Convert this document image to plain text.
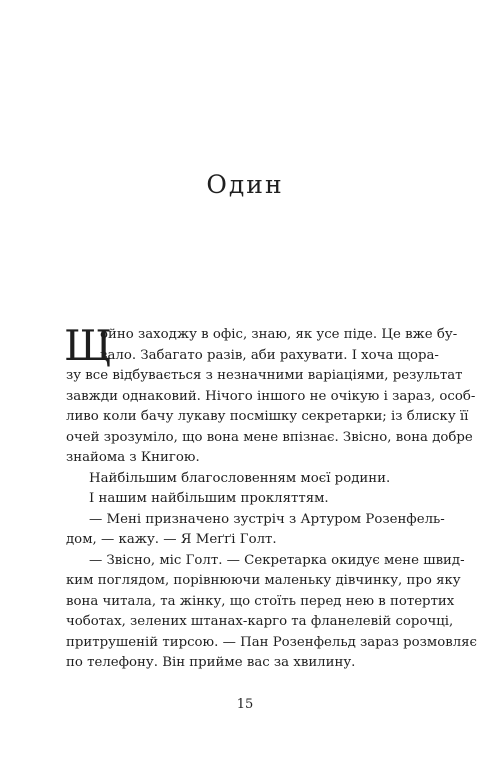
Один
Щ
ойно заходжу в офіс, знаю, як усе піде. Це вже бу-
вало. Забагато разів, аби рахувати. І хоча щора-
зу все відбувається з незначними варіаціями, результат
завжди однаковий. Нічого іншого не очікую і зараз, особ-
ливо коли бачу лукаву посмішку секретарки; із блиску її
очей зрозуміло, що вона мене впізнає. Звісно, вона добре
знайома з Книгою.
Найбільшим благословенням моєї родини.
І нашим найбільшим прокляттям.
— Мені призначено зустріч з Артуром Розенфель-
дом, — кажу. — Я Меґґі Голт.
— Звісно, міс Голт. — Секретарка окидує мене швид-
ким поглядом, порівнюючи маленьку дівчинку, про яку
вона читала, та жінку, що стоїть перед нею в потертих
чоботах, зелених штанах-карго та фланелевій сорочці,
притрушеній тирсою. — Пан Розенфельд зараз розмовляє
по телефону. Він прийме вас за хвилину.
15
